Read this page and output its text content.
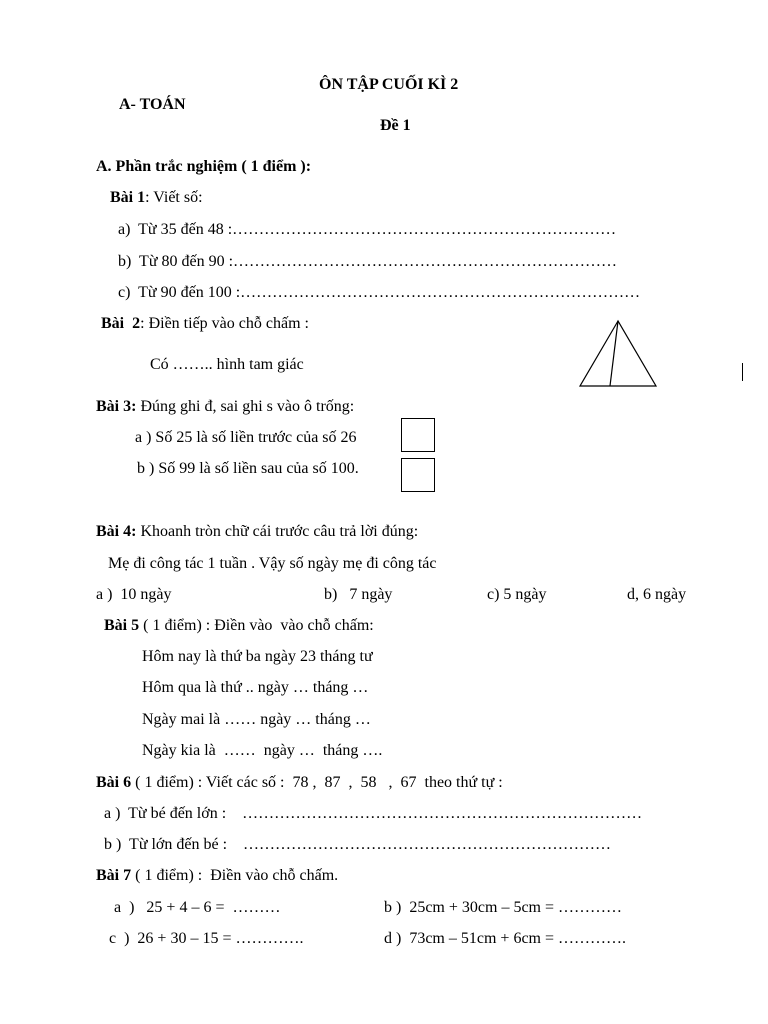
ÔN TẬP CUỐI KÌ 2
A- TOÁN
Đề 1
A. Phần trắc nghiệm ( 1 điểm ):
Bài 1: Viết số:
a)  Từ 35 đến 48 :………………………………………………………………
b)  Từ 80 đến 90 :………………………………………………………………
c)  Từ 90 đến 100 :…………………………………………………………………
Bài  2: Điền tiếp vào chỗ chấm :
Có …….. hình tam giác
Bài 3: Đúng ghi đ, sai ghi s vào ô trống:
a ) Số 25 là số liền trước của số 26
b ) Số 99 là số liền sau của số 100.
Bài 4: Khoanh tròn chữ cái trước câu trả lời đúng:
Mẹ đi công tác 1 tuần . Vậy số ngày mẹ đi công tác
a )  10 ngày	b)   7 ngày	c) 5 ngày	d, 6 ngày
Bài 5 ( 1 điểm) : Điền vào  vào chỗ chấm:
Hôm nay là thứ ba ngày 23 tháng tư
Hôm qua là thứ .. ngày … tháng …
Ngày mai là …… ngày … tháng …
Ngày kia là  ……  ngày …  tháng ….
Bài 6 ( 1 điểm) : Viết các số :  78 ,  87  ,  58   ,  67  theo thứ tự :
a )  Từ bé đến lớn :    …………………………………………………………………
b )  Từ lớn đến bé :    ……………………………………………………………
Bài 7 ( 1 điểm) :  Điền vào chỗ chấm.
a  )   25 + 4 – 6 =  ………	b )  25cm + 30cm – 5cm = …………
c  )  26 + 30 – 15 = ………….	d )  73cm – 51cm + 6cm = ………….
